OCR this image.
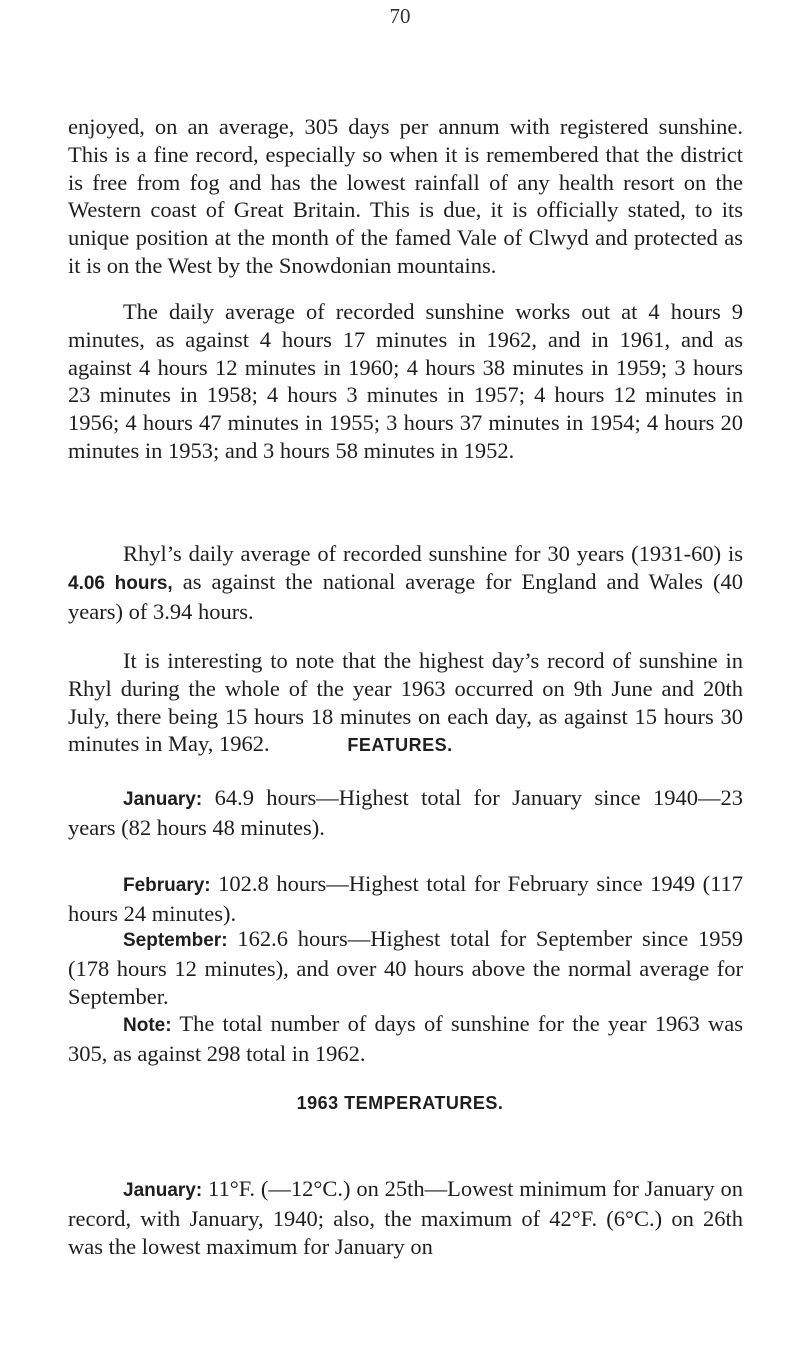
70

enjoyed, on an average, 305 days per annum with registered sunshine. This is a fine record, especially so when it is remembered that the district is free from fog and has the lowest rainfall of any health resort on the Western coast of Great Britain. This is due, it is officially stated, to its unique position at the month of the famed Vale of Clwyd and protected as it is on the West by the Snowdonian mountains.

The daily average of recorded sunshine works out at 4 hours 9 minutes, as against 4 hours 17 minutes in 1962, and in 1961, and as against 4 hours 12 minutes in 1960; 4 hours 38 minutes in 1959; 3 hours 23 minutes in 1958; 4 hours 3 minutes in 1957; 4 hours 12 minutes in 1956; 4 hours 47 minutes in 1955; 3 hours 37 minutes in 1954; 4 hours 20 minutes in 1953; and 3 hours 58 minutes in 1952.

Rhyl’s daily average of recorded sunshine for 30 years (1931-60) is 4.06 hours, as against the national average for England and Wales (40 years) of 3.94 hours.

It is interesting to note that the highest day’s record of sunshine in Rhyl during the whole of the year 1963 occurred on 9th June and 20th July, there being 15 hours 18 minutes on each day, as against 15 hours 30 minutes in May, 1962.	FEATURES.

January: 64.9 hours—Highest total for January since 1940—23 years (82 hours 48 minutes).

February: 102.8 hours—Highest total for February since 1949 (117 hours 24 minutes).

September: 162.6 hours—Highest total for September since 1959 (178 hours 12 minutes), and over 40 hours above the normal average for September.

Note: The total number of days of sunshine for the year 1963 was 305, as against 298 total in 1962.

1963 TEMPERATURES.

January: 11°F. (—12°C.) on 25th—Lowest minimum for January on record, with January, 1940; also, the maximum of 42°F. (6°C.) on 26th was the lowest maximum for January on
